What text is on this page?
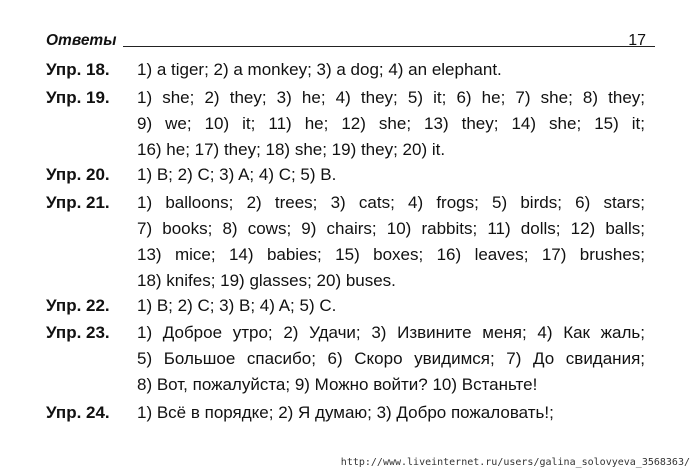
Ответы	17
Упр. 18. 1) a tiger; 2) a monkey; 3) a dog; 4) an elephant.
Упр. 19. 1) she; 2) they; 3) he; 4) they; 5) it; 6) he; 7) she; 8) they;
9) we; 10) it; 11) he; 12) she; 13) they; 14) she; 15) it;
16) he; 17) they; 18) she; 19) they; 20) it.
Упр. 20. 1) B; 2) C; 3) A; 4) C; 5) B.
Упр. 21. 1) balloons; 2) trees; 3) cats; 4) frogs; 5) birds; 6) stars;
7) books; 8) cows; 9) chairs; 10) rabbits; 11) dolls; 12) balls;
13) mice; 14) babies; 15) boxes; 16) leaves; 17) brushes;
18) knifes; 19) glasses; 20) buses.
Упр. 22. 1) B; 2) C; 3) B; 4) A; 5) C.
Упр. 23. 1) Доброе утро; 2) Удачи; 3) Извините меня; 4) Как жаль;
5) Большое спасибо; 6) Скоро увидимся; 7) До свидания;
8) Вот, пожалуйста; 9) Можно войти? 10) Встаньте!
Упр. 24. 1) Всё в порядке; 2) Я думаю; 3) Добро пожаловать!;
http://www.liveinternet.ru/users/galina_solovyeva_3568363/
